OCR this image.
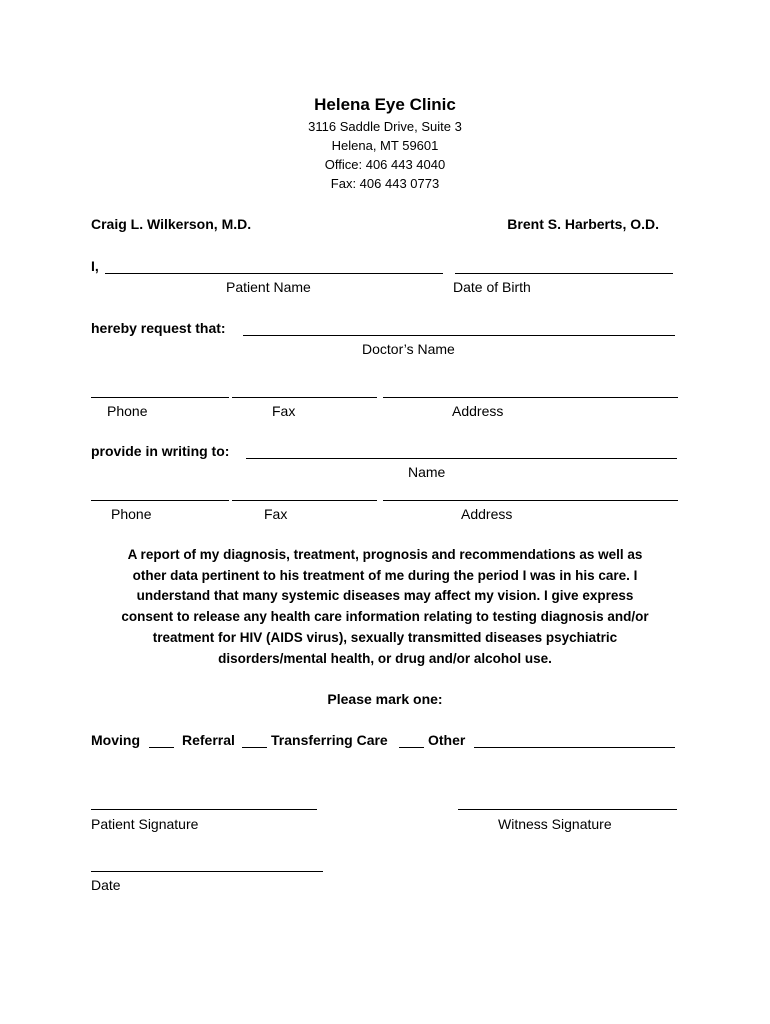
Helena Eye Clinic
3116 Saddle Drive, Suite 3
Helena, MT 59601
Office: 406 443 4040
Fax: 406 443 0773
Craig L. Wilkerson, M.D.	Brent S. Harberts, O.D.
I,
Patient Name	Date of Birth
hereby request that:
Doctor’s Name
Phone	Fax	Address
provide in writing to:
Name
Phone	Fax	Address
A report of my diagnosis, treatment, prognosis and recommendations as well as
other data pertinent to his treatment of me during the period I was in his care. I
understand that many systemic diseases may affect my vision. I give express
consent to release any health care information relating to testing diagnosis and/or
treatment for HIV (AIDS virus), sexually transmitted diseases psychiatric
disorders/mental health, or drug and/or alcohol use.
Please mark one:
Moving	Referral	Transferring Care	Other
Patient Signature	Witness Signature
Date
